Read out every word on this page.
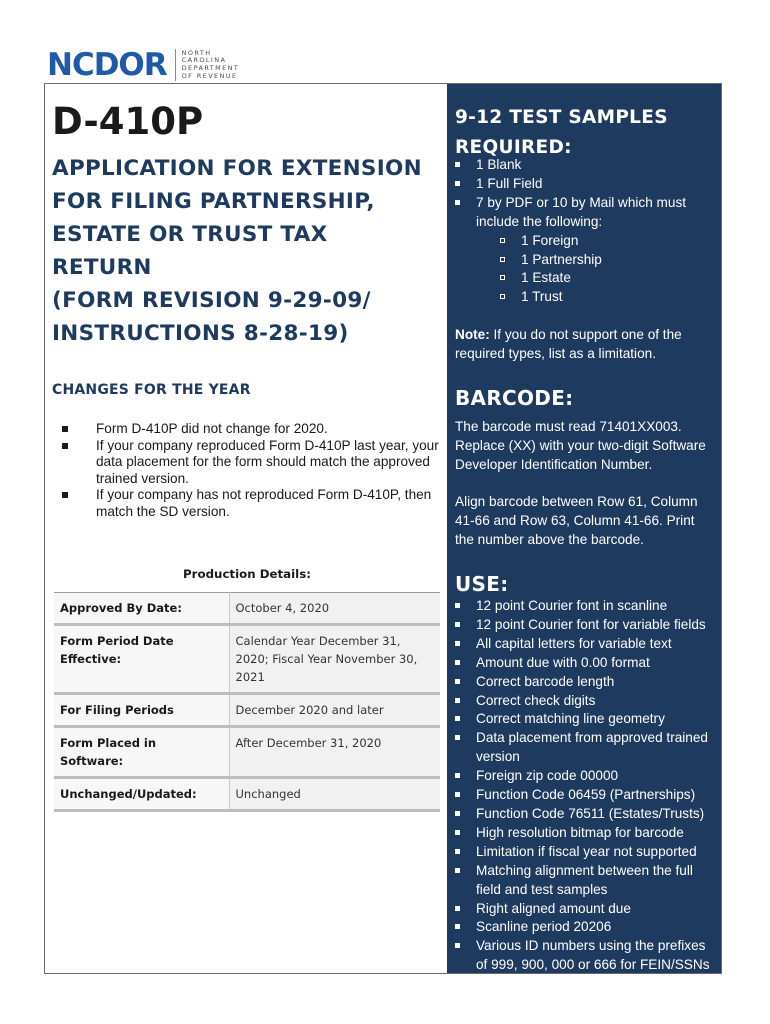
NCDOR NORTH
CAROLINA
DEPARTMENT
OF REVENUE
D-410P
APPLICATION FOR EXTENSION
FOR FILING PARTNERSHIP,
ESTATE OR TRUST TAX
RETURN
(FORM REVISION 9-29-09/
INSTRUCTIONS 8-28-19)
CHANGES FOR THE YEAR
Form D-410P did not change for 2020.
If your company reproduced Form D-410P last year, your data placement for the form should match the approved trained version.
If your company has not reproduced Form D-410P, then match the SD version.
Production Details:
Approved By Date:	October 4, 2020
Form Period Date Effective:	Calendar Year December 31, 2020; Fiscal Year November 30, 2021
For Filing Periods	December 2020 and later
Form Placed in Software:	After December 31, 2020
Unchanged/Updated:	Unchanged
9-12 TEST SAMPLES REQUIRED:
1 Blank
1 Full Field
7 by PDF or 10 by Mail which must include the following:
1 Foreign
1 Partnership
1 Estate
1 Trust

Note: If you do not support one of the required types, list as a limitation.

BARCODE:

The barcode must read 71401XX003. Replace (XX) with your two-digit Software Developer Identification Number.

Align barcode between Row 61, Column 41-66 and Row 63, Column 41-66. Print the number above the barcode.

USE:
12 point Courier font in scanline
12 point Courier font for variable fields
All capital letters for variable text
Amount due with 0.00 format
Correct barcode length
Correct check digits
Correct matching line geometry
Data placement from approved trained version
Foreign zip code 00000
Function Code 06459 (Partnerships)
Function Code 76511 (Estates/Trusts)
High resolution bitmap for barcode
Limitation if fiscal year not supported
Matching alignment between the full field and test samples
Right aligned amount due
Scanline period 20206
Various ID numbers using the prefixes of 999, 900, 000 or 666 for FEIN/SSNs
